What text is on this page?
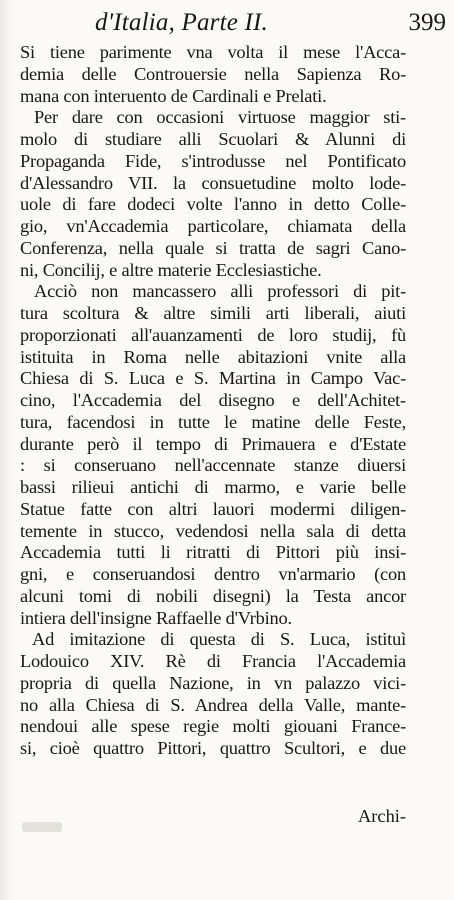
d'Italia, Parte II.	399
Si tiene parimente vna volta il mese l'Acca-
demia delle Controuersie nella Sapienza Ro-
mana con interuento de Cardinali e Prelati.
Per dare con occasioni virtuose maggior sti-
molo di studiare alli Scuolari & Alunni di
Propaganda Fide, s'introdusse nel Pontificato
d'Alessandro VII. la consuetudine molto lode-
uole di fare dodeci volte l'anno in detto Colle-
gio, vn'Accademia particolare, chiamata della
Conferenza, nella quale si tratta de sagri Cano-
ni, Concilij, e altre materie Ecclesiastiche.
Acciò non mancassero alli professori di pit-
tura scoltura & altre simili arti liberali, aiuti
proporzionati all'auanzamenti de loro studij, fù
istituita in Roma nelle abitazioni vnite alla
Chiesa di S. Luca e S. Martina in Campo Vac-
cino, l'Accademia del disegno e dell'Achitet-
tura, facendosi in tutte le matine delle Feste,
durante però il tempo di Primauera e d'Estate
: si conseruano nell'accennate stanze diuersi
bassi rilieui antichi di marmo, e varie belle
Statue fatte con altri lauori modermi diligen-
temente in stucco, vedendosi nella sala di detta
Accademia tutti li ritratti di Pittori più insi-
gni, e conseruandosi dentro vn'armario (con
alcuni tomi di nobili disegni) la Testa ancor
intiera dell'insigne Raffaelle d'Vrbino.
Ad imitazione di questa di S. Luca, istituì
Lodouico XIV. Rè di Francia l'Accademia
propria di quella Nazione, in vn palazzo vici-
no alla Chiesa di S. Andrea della Valle, mante-
nendoui alle spese regie molti giouani France-
si, cioè quattro Pittori, quattro Scultori, e due
Archi-
